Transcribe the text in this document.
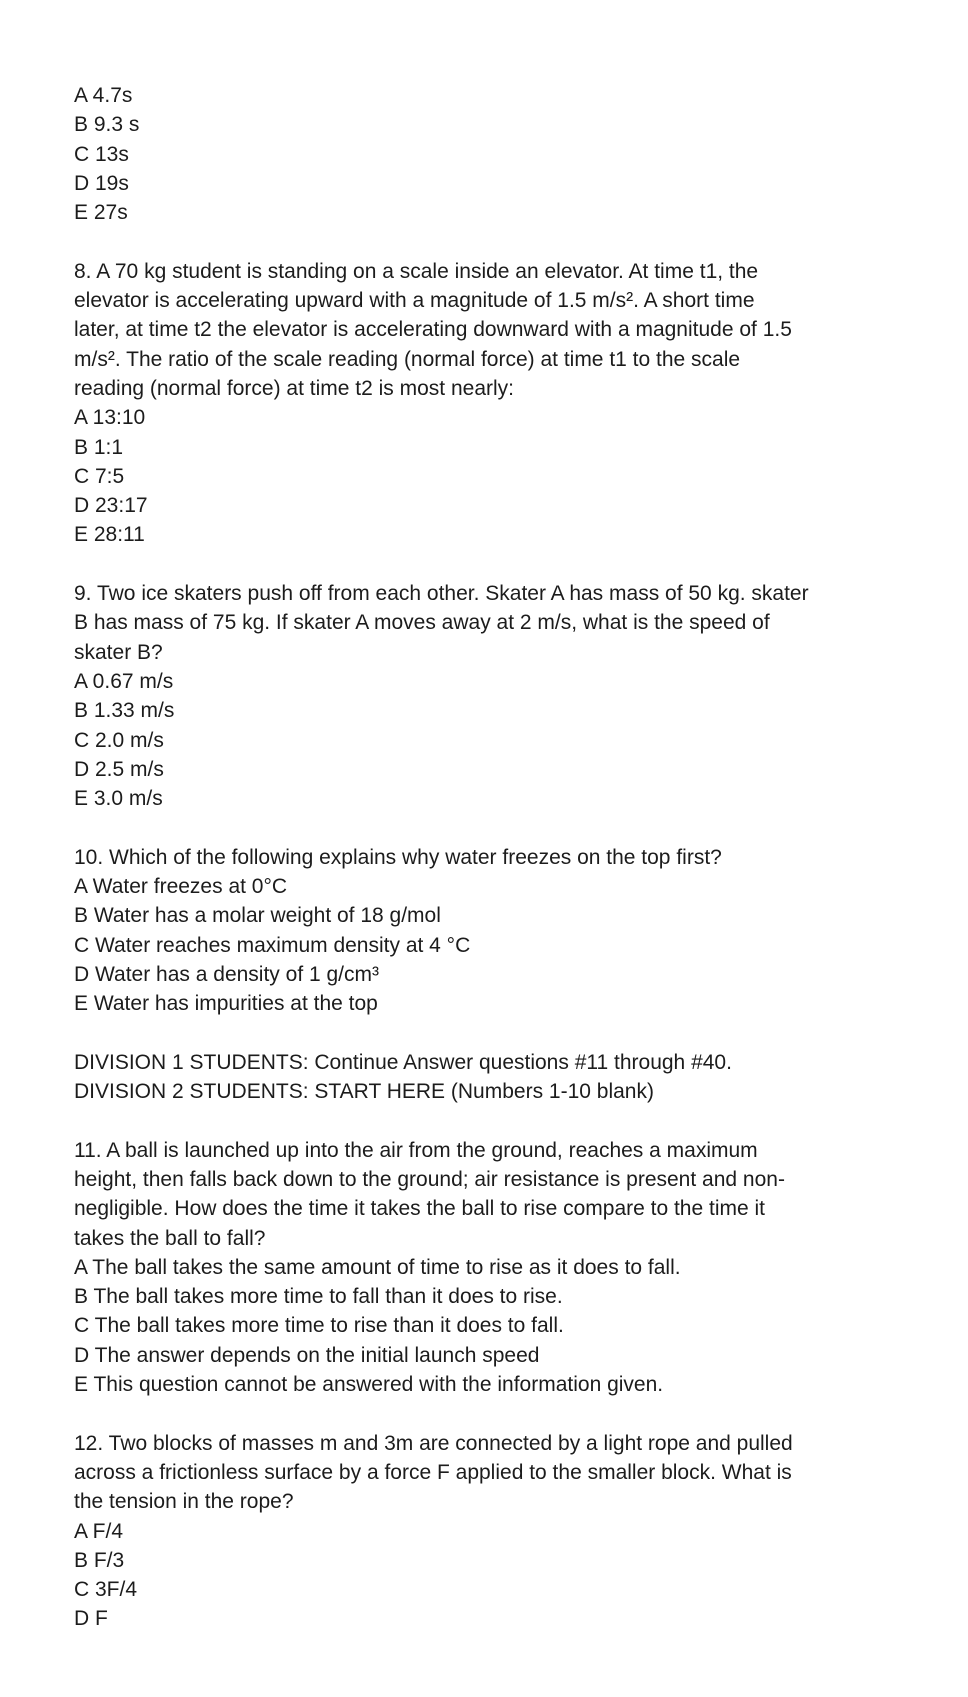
A 4.7s
B 9.3 s
C 13s
D 19s
E 27s
8. A 70 kg student is standing on a scale inside an elevator. At time t1, the
elevator is accelerating upward with a magnitude of 1.5 m/s². A short time
later, at time t2 the elevator is accelerating downward with a magnitude of 1.5
m/s². The ratio of the scale reading (normal force) at time t1 to the scale
reading (normal force) at time t2 is most nearly:
A 13:10
B 1:1
C 7:5
D 23:17
E 28:11
9. Two ice skaters push off from each other. Skater A has mass of 50 kg. skater
B has mass of 75 kg. If skater A moves away at 2 m/s, what is the speed of
skater B?
A 0.67 m/s
B 1.33 m/s
C 2.0 m/s
D 2.5 m/s
E 3.0 m/s
10. Which of the following explains why water freezes on the top first?
A Water freezes at 0°C
B Water has a molar weight of 18 g/mol
C Water reaches maximum density at 4 °C
D Water has a density of 1 g/cm³
E Water has impurities at the top
DIVISION 1 STUDENTS: Continue Answer questions #11 through #40.
DIVISION 2 STUDENTS: START HERE (Numbers 1-10 blank)
11. A ball is launched up into the air from the ground, reaches a maximum
height, then falls back down to the ground; air resistance is present and non-
negligible. How does the time it takes the ball to rise compare to the time it
takes the ball to fall?
A The ball takes the same amount of time to rise as it does to fall.
B The ball takes more time to fall than it does to rise.
C The ball takes more time to rise than it does to fall.
D The answer depends on the initial launch speed
E This question cannot be answered with the information given.
12. Two blocks of masses m and 3m are connected by a light rope and pulled
across a frictionless surface by a force F applied to the smaller block. What is
the tension in the rope?
A F/4
B F/3
C 3F/4
D F
